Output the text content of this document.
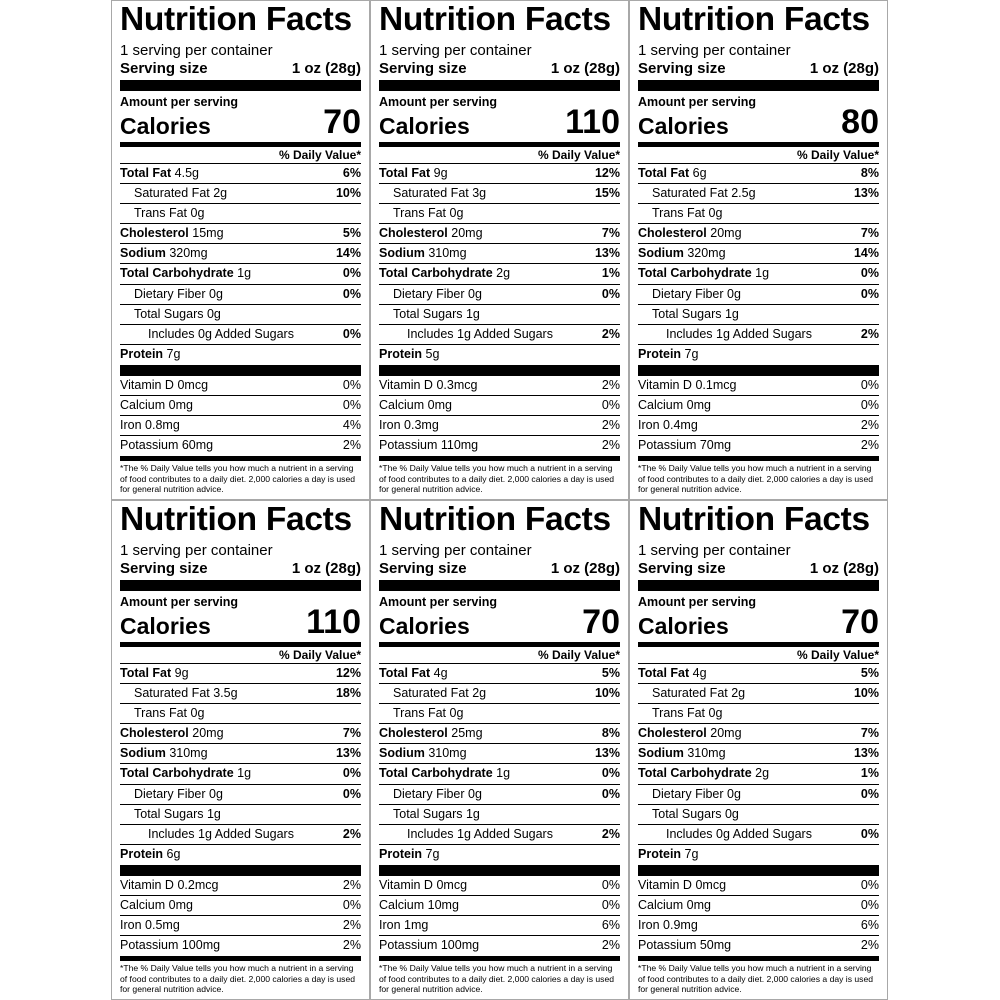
Nutrition Facts
1 serving per container
Serving size	1 oz (28g)
Amount per serving
Calories	70
% Daily Value*
Total Fat 4.5g	6%
Saturated Fat 2g	10%
Trans Fat 0g
Cholesterol 15mg	5%
Sodium 320mg	14%
Total Carbohydrate 1g	0%
Dietary Fiber 0g	0%
Total Sugars 0g
Includes 0g Added Sugars	0%
Protein 7g
Vitamin D 0mcg	0%
Calcium 0mg	0%
Iron 0.8mg	4%
Potassium 60mg	2%
*The % Daily Value tells you how much a nutrient in a serving of food contributes to a daily diet. 2,000 calories a day is used for general nutrition advice.
Nutrition Facts
1 serving per container
Serving size	1 oz (28g)
Amount per serving
Calories	110
% Daily Value*
Total Fat 9g	12%
Saturated Fat 3g	15%
Trans Fat 0g
Cholesterol 20mg	7%
Sodium 310mg	13%
Total Carbohydrate 2g	1%
Dietary Fiber 0g	0%
Total Sugars 1g
Includes 1g Added Sugars	2%
Protein 5g
Vitamin D 0.3mcg	2%
Calcium 0mg	0%
Iron 0.3mg	2%
Potassium 110mg	2%
*The % Daily Value tells you how much a nutrient in a serving of food contributes to a daily diet. 2,000 calories a day is used for general nutrition advice.
Nutrition Facts
1 serving per container
Serving size	1 oz (28g)
Amount per serving
Calories	80
% Daily Value*
Total Fat 6g	8%
Saturated Fat 2.5g	13%
Trans Fat 0g
Cholesterol 20mg	7%
Sodium 320mg	14%
Total Carbohydrate 1g	0%
Dietary Fiber 0g	0%
Total Sugars 1g
Includes 1g Added Sugars	2%
Protein 7g
Vitamin D 0.1mcg	0%
Calcium 0mg	0%
Iron 0.4mg	2%
Potassium 70mg	2%
*The % Daily Value tells you how much a nutrient in a serving of food contributes to a daily diet. 2,000 calories a day is used for general nutrition advice.
Nutrition Facts
1 serving per container
Serving size	1 oz (28g)
Amount per serving
Calories	110
% Daily Value*
Total Fat 9g	12%
Saturated Fat 3.5g	18%
Trans Fat 0g
Cholesterol 20mg	7%
Sodium 310mg	13%
Total Carbohydrate 1g	0%
Dietary Fiber 0g	0%
Total Sugars 1g
Includes 1g Added Sugars	2%
Protein 6g
Vitamin D 0.2mcg	2%
Calcium 0mg	0%
Iron 0.5mg	2%
Potassium 100mg	2%
*The % Daily Value tells you how much a nutrient in a serving of food contributes to a daily diet. 2,000 calories a day is used for general nutrition advice.
Nutrition Facts
1 serving per container
Serving size	1 oz (28g)
Amount per serving
Calories	70
% Daily Value*
Total Fat 4g	5%
Saturated Fat 2g	10%
Trans Fat 0g
Cholesterol 25mg	8%
Sodium 310mg	13%
Total Carbohydrate 1g	0%
Dietary Fiber 0g	0%
Total Sugars 1g
Includes 1g Added Sugars	2%
Protein 7g
Vitamin D 0mcg	0%
Calcium 10mg	0%
Iron 1mg	6%
Potassium 100mg	2%
*The % Daily Value tells you how much a nutrient in a serving of food contributes to a daily diet. 2,000 calories a day is used for general nutrition advice.
Nutrition Facts
1 serving per container
Serving size	1 oz (28g)
Amount per serving
Calories	70
% Daily Value*
Total Fat 4g	5%
Saturated Fat 2g	10%
Trans Fat 0g
Cholesterol 20mg	7%
Sodium 310mg	13%
Total Carbohydrate 2g	1%
Dietary Fiber 0g	0%
Total Sugars 0g
Includes 0g Added Sugars	0%
Protein 7g
Vitamin D 0mcg	0%
Calcium 0mg	0%
Iron 0.9mg	6%
Potassium 50mg	2%
*The % Daily Value tells you how much a nutrient in a serving of food contributes to a daily diet. 2,000 calories a day is used for general nutrition advice.
